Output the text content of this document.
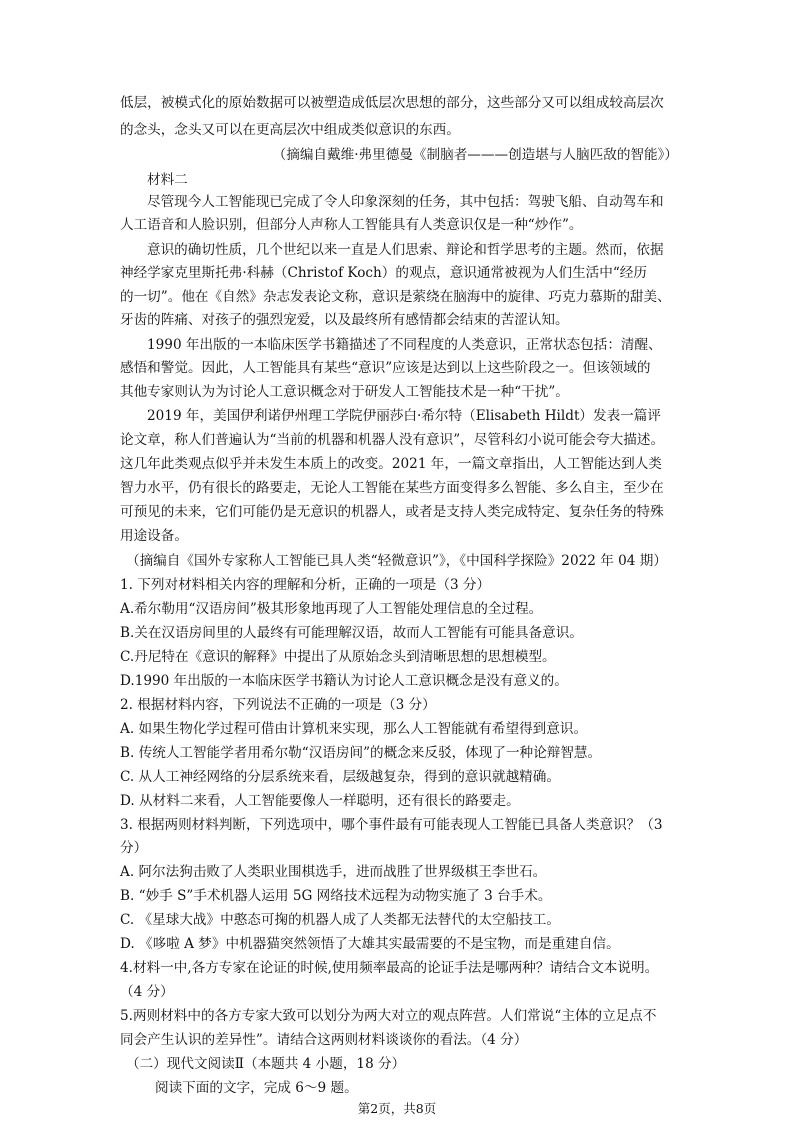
低层，被模式化的原始数据可以被塑造成低层次思想的部分，这些部分又可以组成较高层次
的念头，念头又可以在更高层次中组成类似意识的东西。
（摘编自戴维·弗里德曼《制脑者———创造堪与人脑匹敌的智能》）
材料二
尽管现今人工智能现已完成了令人印象深刻的任务，其中包括：驾驶飞船、自动驾车和
人工语音和人脸识别，但部分人声称人工智能具有人类意识仅是一种“炒作”。
意识的确切性质，几个世纪以来一直是人们思索、辩论和哲学思考的主题。然而，依据
神经学家克里斯托弗·科赫（Christof Koch）的观点，意识通常被视为人们生活中“经历
的一切”。他在《自然》杂志发表论文称，意识是萦绕在脑海中的旋律、巧克力慕斯的甜美、
牙齿的阵痛、对孩子的强烈宠爱，以及最终所有感情都会结束的苦涩认知。
1990 年出版的一本临床医学书籍描述了不同程度的人类意识，正常状态包括：清醒、
感悟和警觉。因此，人工智能具有某些“意识”应该是达到以上这些阶段之一。但该领域的
其他专家则认为为讨论人工意识概念对于研发人工智能技术是一种“干扰”。
2019 年，美国伊利诺伊州理工学院伊丽莎白·希尔特（Elisabeth Hildt）发表一篇评
论文章，称人们普遍认为“当前的机器和机器人没有意识”，尽管科幻小说可能会夸大描述。
这几年此类观点似乎并未发生本质上的改变。2021 年，一篇文章指出，人工智能达到人类
智力水平，仍有很长的路要走，无论人工智能在某些方面变得多么智能、多么自主，至少在
可预见的未来，它们可能仍是无意识的机器人，或者是支持人类完成特定、复杂任务的特殊
用途设备。
（摘编自《国外专家称人工智能已具人类“轻微意识”》，《中国科学探险》2022 年 04 期）
1. 下列对材料相关内容的理解和分析，正确的一项是（3 分）
A.希尔勒用“汉语房间”极其形象地再现了人工智能处理信息的全过程。
B.关在汉语房间里的人最终有可能理解汉语，故而人工智能有可能具备意识。
C.丹尼特在《意识的解释》中提出了从原始念头到清晰思想的思想模型。
D.1990 年出版的一本临床医学书籍认为讨论人工意识概念是没有意义的。
2. 根据材料内容，下列说法不正确的一项是（3 分）
A. 如果生物化学过程可借由计算机来实现，那么人工智能就有希望得到意识。
B. 传统人工智能学者用希尔勒“汉语房间”的概念来反驳，体现了一种论辩智慧。
C. 从人工神经网络的分层系统来看，层级越复杂，得到的意识就越精确。
D. 从材料二来看，人工智能要像人一样聪明，还有很长的路要走。
3. 根据两则材料判断，下列选项中，哪个事件最有可能表现人工智能已具备人类意识？（3
分）
A. 阿尔法狗击败了人类职业围棋选手，进而战胜了世界级棋王李世石。
B. “妙手 S”手术机器人运用 5G 网络技术远程为动物实施了 3 台手术。
C. 《星球大战》中憨态可掬的机器人成了人类都无法替代的太空船技工。
D. 《哆啦 A 梦》中机器猫突然领悟了大雄其实最需要的不是宝物，而是重建自信。
4.材料一中,各方专家在论证的时候,使用频率最高的论证手法是哪两种？请结合文本说明。
（4 分）
5.两则材料中的各方专家大致可以划分为两大对立的观点阵营。人们常说“主体的立足点不
同会产生认识的差异性”。请结合这两则材料谈谈你的看法。（4 分）
（二）现代文阅读Ⅱ（本题共 4 小题，18 分）
阅读下面的文字，完成 6～9 题。
第2页，共8页
